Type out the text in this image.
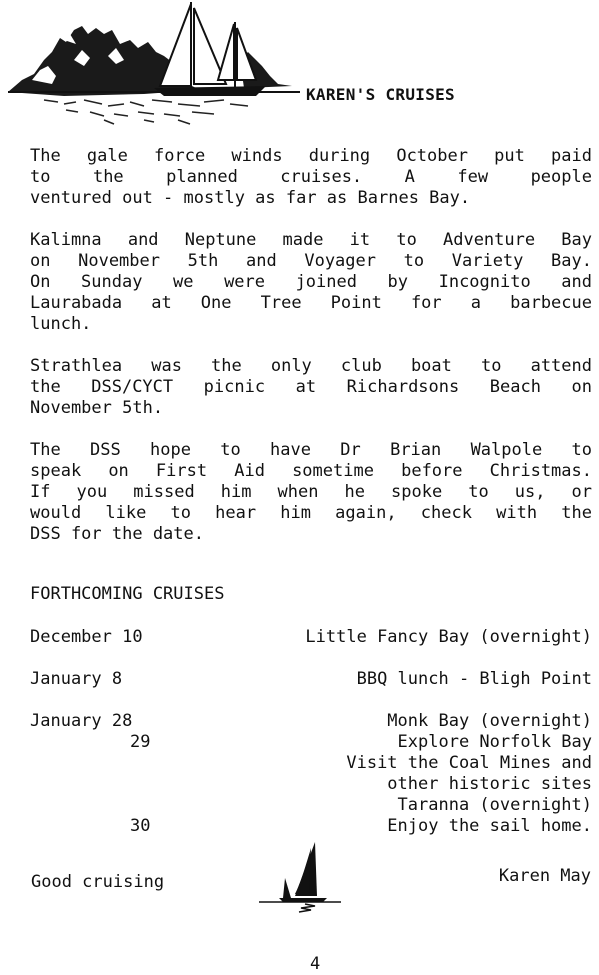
KAREN'S CRUISES
The gale force winds during October put paid
to the planned cruises. A few people
ventured out - mostly as far as Barnes Bay.
Kalimna and Neptune made it to Adventure Bay
on November 5th and Voyager to Variety Bay.
On Sunday we were joined by Incognito and
Laurabada at One Tree Point for a barbecue
lunch.
Strathlea was the only club boat to attend
the DSS/CYCT picnic at Richardsons Beach on
November 5th.
The DSS hope to have Dr Brian Walpole to
speak on First Aid sometime before Christmas.
If you missed him when he spoke to us, or
would like to hear him again, check with the
DSS for the date.
FORTHCOMING CRUISES
December 10	Little Fancy Bay (overnight)
January 8	BBQ lunch - Bligh Point
January 28	Monk Bay (overnight)
29	Explore Norfolk Bay
Visit the Coal Mines and
other historic sites
Taranna (overnight)
30	Enjoy the sail home.
Good cruising	Karen May
4
